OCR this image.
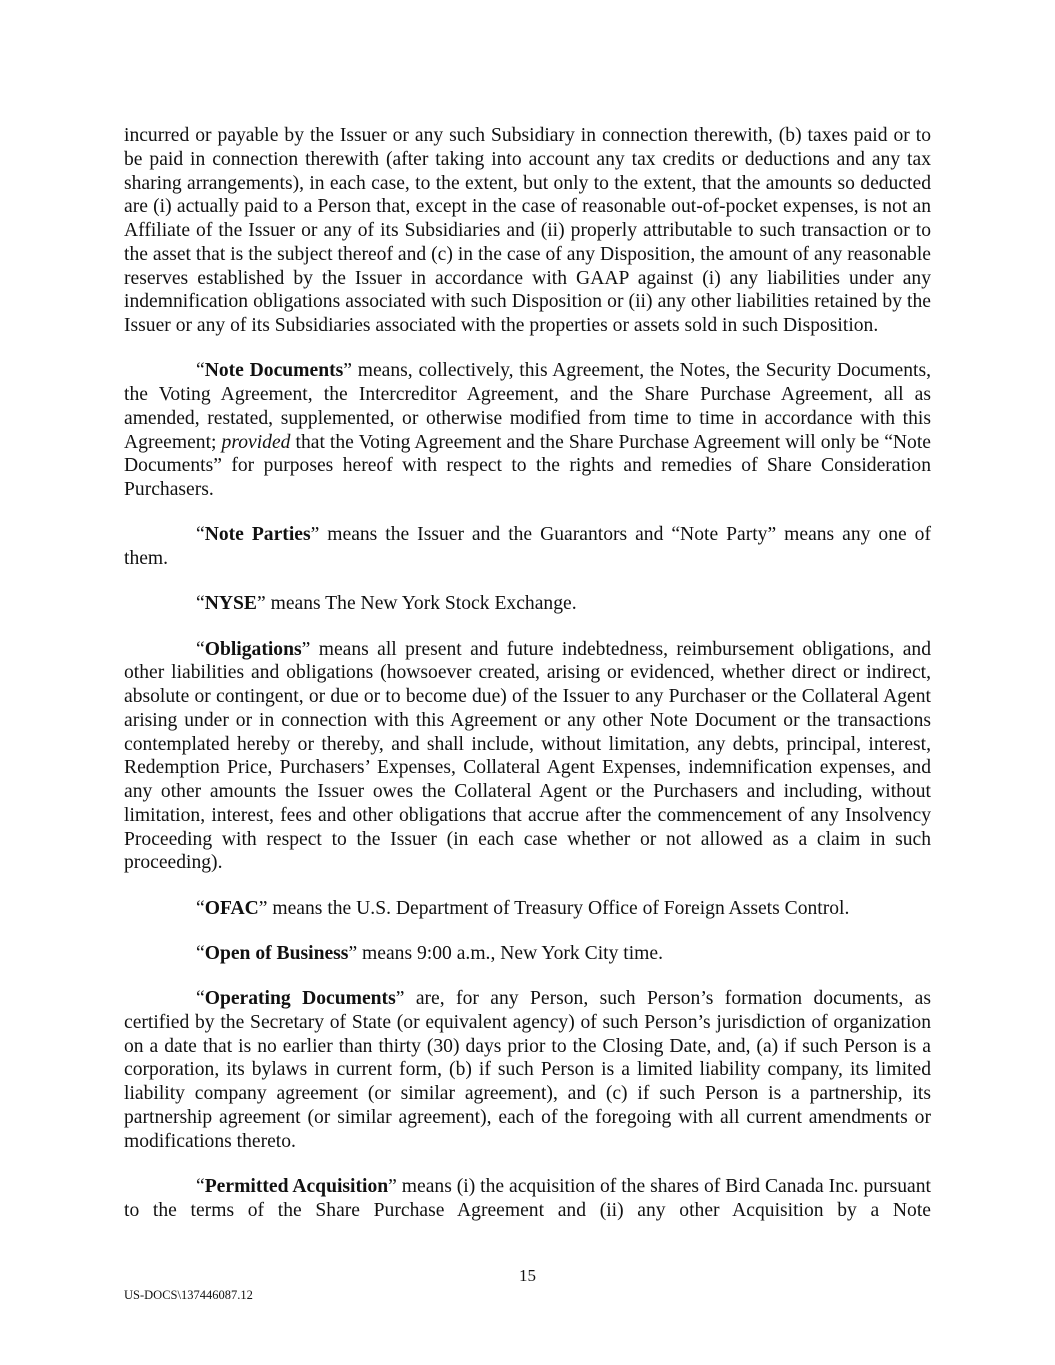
incurred or payable by the Issuer or any such Subsidiary in connection therewith, (b) taxes paid or to be paid in connection therewith (after taking into account any tax credits or deductions and any tax sharing arrangements), in each case, to the extent, but only to the extent, that the amounts so deducted are (i) actually paid to a Person that, except in the case of reasonable out-of-pocket expenses, is not an Affiliate of the Issuer or any of its Subsidiaries and (ii) properly attributable to such transaction or to the asset that is the subject thereof and (c) in the case of any Disposition, the amount of any reasonable reserves established by the Issuer in accordance with GAAP against (i) any liabilities under any indemnification obligations associated with such Disposition or (ii) any other liabilities retained by the Issuer or any of its Subsidiaries associated with the properties or assets sold in such Disposition.

“Note Documents” means, collectively, this Agreement, the Notes, the Security Documents, the Voting Agreement, the Intercreditor Agreement, and the Share Purchase Agreement, all as amended, restated, supplemented, or otherwise modified from time to time in accordance with this Agreement; provided that the Voting Agreement and the Share Purchase Agreement will only be “Note Documents” for purposes hereof with respect to the rights and remedies of Share Consideration Purchasers.

“Note Parties” means the Issuer and the Guarantors and “Note Party” means any one of them.

“NYSE” means The New York Stock Exchange.

“Obligations” means all present and future indebtedness, reimbursement obligations, and other liabilities and obligations (howsoever created, arising or evidenced, whether direct or indirect, absolute or contingent, or due or to become due) of the Issuer to any Purchaser or the Collateral Agent arising under or in connection with this Agreement or any other Note Document or the transactions contemplated hereby or thereby, and shall include, without limitation, any debts, principal, interest, Redemption Price, Purchasers’ Expenses, Collateral Agent Expenses, indemnification expenses, and any other amounts the Issuer owes the Collateral Agent or the Purchasers and including, without limitation, interest, fees and other obligations that accrue after the commencement of any Insolvency Proceeding with respect to the Issuer (in each case whether or not allowed as a claim in such proceeding).

“OFAC” means the U.S. Department of Treasury Office of Foreign Assets Control.

“Open of Business” means 9:00 a.m., New York City time.

“Operating Documents” are, for any Person, such Person’s formation documents, as certified by the Secretary of State (or equivalent agency) of such Person’s jurisdiction of organization on a date that is no earlier than thirty (30) days prior to the Closing Date, and, (a) if such Person is a corporation, its bylaws in current form, (b) if such Person is a limited liability company, its limited liability company agreement (or similar agreement), and (c) if such Person is a partnership, its partnership agreement (or similar agreement), each of the foregoing with all current amendments or modifications thereto.

“Permitted Acquisition” means (i) the acquisition of the shares of Bird Canada Inc. pursuant to the terms of the Share Purchase Agreement and (ii) any other Acquisition by a Note

15
US-DOCS\137446087.12
